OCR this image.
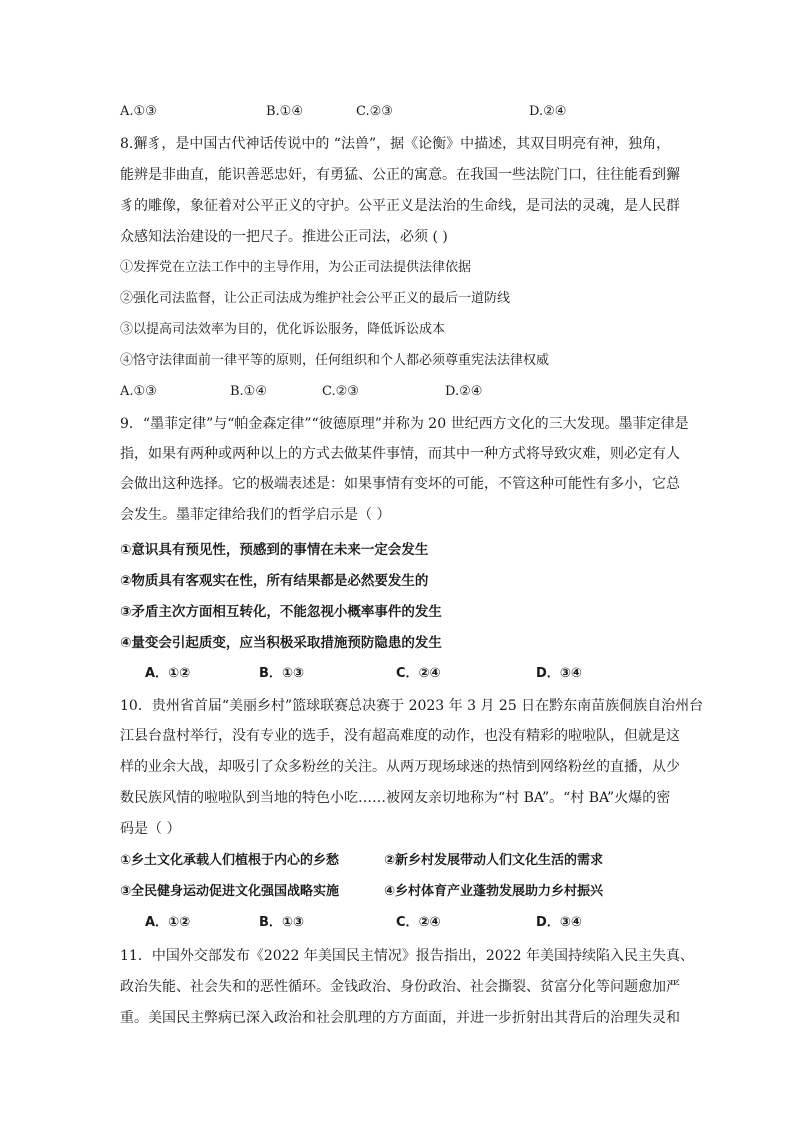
A.①③	B.①④	C.②③	D.②④
8.獬豸，是中国古代神话传说中的 “法兽”，据《论衡》中描述，其双目明亮有神，独角，
能辨是非曲直，能识善恶忠奸，有勇猛、公正的寓意。在我国一些法院门口，往往能看到獬
豸的雕像，象征着对公平正义的守护。公平正义是法治的生命线，是司法的灵魂，是人民群
众感知法治建设的一把尺子。推进公正司法，必须 ( )
①发挥党在立法工作中的主导作用，为公正司法提供法律依据
②强化司法监督，让公正司法成为维护社会公平正义的最后一道防线
③以提高司法效率为目的，优化诉讼服务，降低诉讼成本
④恪守法律面前一律平等的原则，任何组织和个人都必须尊重宪法法律权威
A.①③	B.①④	C.②③	D.②④
9．“墨菲定律”与“帕金森定律”“彼德原理”并称为 20 世纪西方文化的三大发现。墨菲定律是
指，如果有两种或两种以上的方式去做某件事情，而其中一种方式将导致灾难，则必定有人
会做出这种选择。它的极端表述是：如果事情有变坏的可能，不管这种可能性有多小，它总
会发生。墨菲定律给我们的哲学启示是（ ）
①意识具有预见性，预感到的事情在未来一定会发生
②物质具有客观实在性，所有结果都是必然要发生的
③矛盾主次方面相互转化，不能忽视小概率事件的发生
④量变会引起质变，应当积极采取措施预防隐患的发生
A．①②	B．①③	C．②④	D．③④
10．贵州省首届“美丽乡村”篮球联赛总决赛于 2023 年 3 月 25 日在黔东南苗族侗族自治州台
江县台盘村举行，没有专业的选手，没有超高难度的动作，也没有精彩的啦啦队，但就是这
样的业余大战，却吸引了众多粉丝的关注。从两万现场球迷的热情到网络粉丝的直播，从少
数民族风情的啦啦队到当地的特色小吃……被网友亲切地称为“村 BA”。“村 BA”火爆的密
码是（ ）
①乡土文化承载人们植根于内心的乡愁	②新乡村发展带动人们文化生活的需求
③全民健身运动促进文化强国战略实施	④乡村体育产业蓬勃发展助力乡村振兴
A．①②	B．①③	C．②④	D．③④
11．中国外交部发布《2022 年美国民主情况》报告指出，2022 年美国持续陷入民主失真、
政治失能、社会失和的恶性循环。金钱政治、身份政治、社会撕裂、贫富分化等问题愈加严
重。美国民主弊病已深入政治和社会肌理的方方面面，并进一步折射出其背后的治理失灵和
